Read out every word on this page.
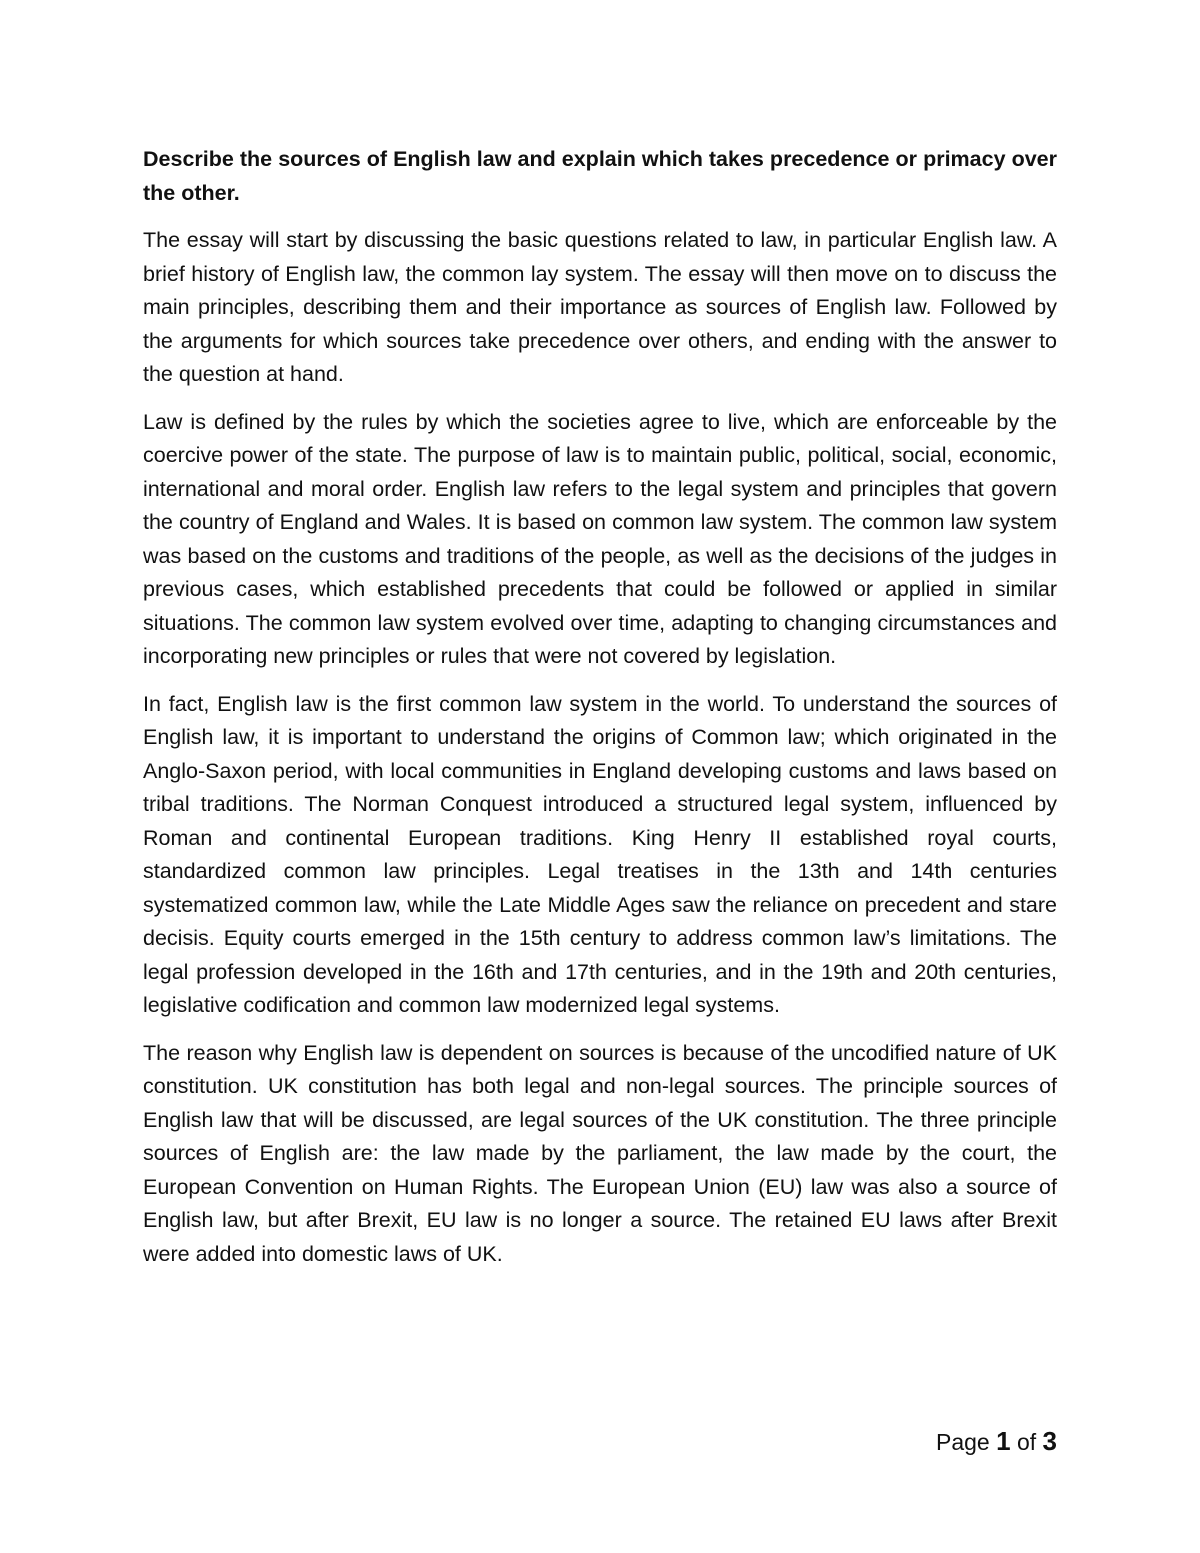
Describe the sources of English law and explain which takes precedence or primacy over the other.

The essay will start by discussing the basic questions related to law, in particular English law. A brief history of English law, the common lay system. The essay will then move on to discuss the main principles, describing them and their importance as sources of English law. Followed by the arguments for which sources take precedence over others, and ending with the answer to the question at hand.

Law is defined by the rules by which the societies agree to live, which are enforceable by the coercive power of the state. The purpose of law is to maintain public, political, social, economic, international and moral order. English law refers to the legal system and principles that govern the country of England and Wales. It is based on common law system. The common law system was based on the customs and traditions of the people, as well as the decisions of the judges in previous cases, which established precedents that could be followed or applied in similar situations. The common law system evolved over time, adapting to changing circumstances and incorporating new principles or rules that were not covered by legislation.

In fact, English law is the first common law system in the world. To understand the sources of English law, it is important to understand the origins of Common law; which originated in the Anglo-Saxon period, with local communities in England developing customs and laws based on tribal traditions. The Norman Conquest introduced a structured legal system, influenced by Roman and continental European traditions. King Henry II established royal courts, standardized common law principles. Legal treatises in the 13th and 14th centuries systematized common law, while the Late Middle Ages saw the reliance on precedent and stare decisis. Equity courts emerged in the 15th century to address common law’s limitations. The legal profession developed in the 16th and 17th centuries, and in the 19th and 20th centuries, legislative codification and common law modernized legal systems.

The reason why English law is dependent on sources is because of the uncodified nature of UK constitution. UK constitution has both legal and non-legal sources. The principle sources of English law that will be discussed, are legal sources of the UK constitution. The three principle sources of English are: the law made by the parliament, the law made by the court, the European Convention on Human Rights. The European Union (EU) law was also a source of English law, but after Brexit, EU law is no longer a source. The retained EU laws after Brexit were added into domestic laws of UK.

Page 1 of 3
